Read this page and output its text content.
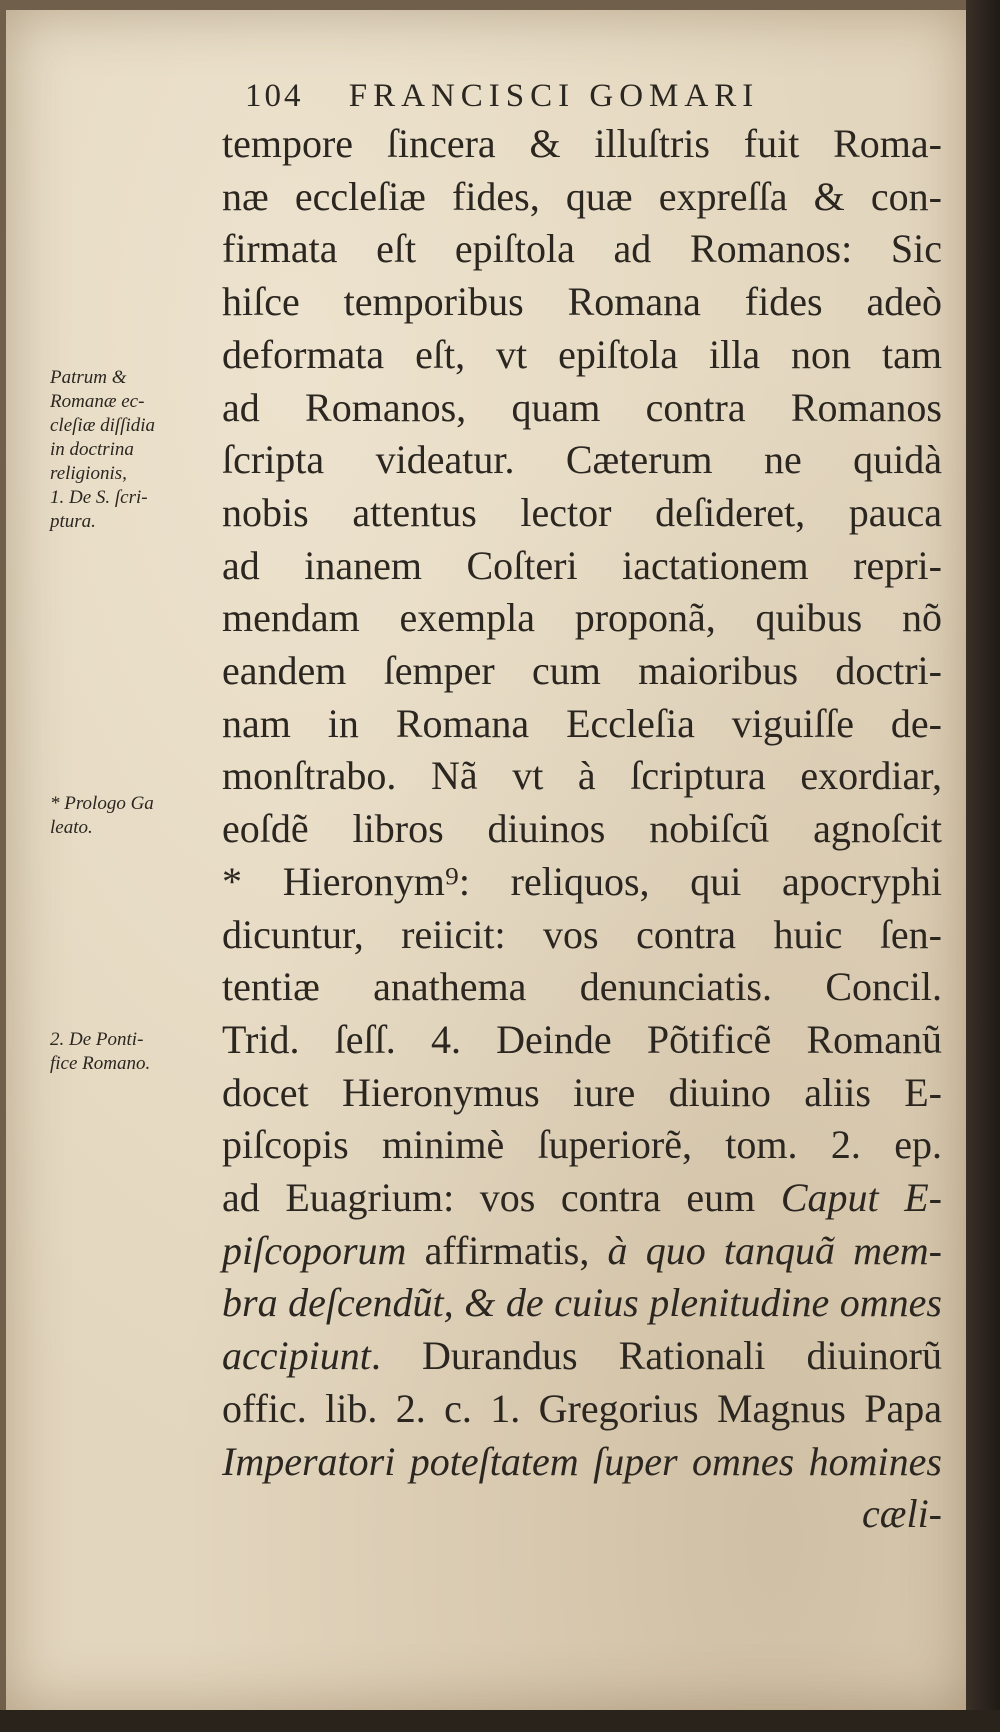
104 FRANCISCI GOMARI
tempore ſincera & illuſtris fuit Roma-
næ eccleſiæ fides, quæ expreſſa & con-
firmata eſt epiſtola ad Romanos: Sic
hiſce temporibus Romana fides adeò
deformata eſt, vt epiſtola illa non tam
ad Romanos, quam contra Romanos
ſcripta videatur. Cæterum ne quidà
nobis attentus lector deſideret, pauca
ad inanem Coſteri iactationem repri-
mendam exempla proponã, quibus nõ
eandem ſemper cum maioribus doctri-
nam in Romana Eccleſia viguiſſe de-
monſtrabo. Nã vt à ſcriptura exordiar,
eoſdẽ libros diuinos nobiſcũ agnoſcit
* Hieronym⁹: reliquos, qui apocryphi
dicuntur, reiicit: vos contra huic ſen-
tentiæ anathema denunciatis. Concil.
Trid. ſeſſ. 4. Deinde Põtificẽ Romanũ
docet Hieronymus iure diuino aliis E-
piſcopis minimè ſuperiorẽ, tom. 2. ep.
ad Euagrium: vos contra eum Caput E-
piſcoporum affirmatis, à quo tanquã mem-
bra deſcendũt, & de cuius plenitudine omnes
accipiunt. Durandus Rationali diuinorũ
offic. lib. 2. c. 1. Gregorius Magnus Papa
Imperatori poteſtatem ſuper omnes homines
cæli-
Patrum &
Romanæ ec-
cleſiæ diſſidia
in doctrina
religionis,
1. De S. ſcri-
ptura.
* Prologo Ga
leato.
2. De Ponti-
fice Romano.
